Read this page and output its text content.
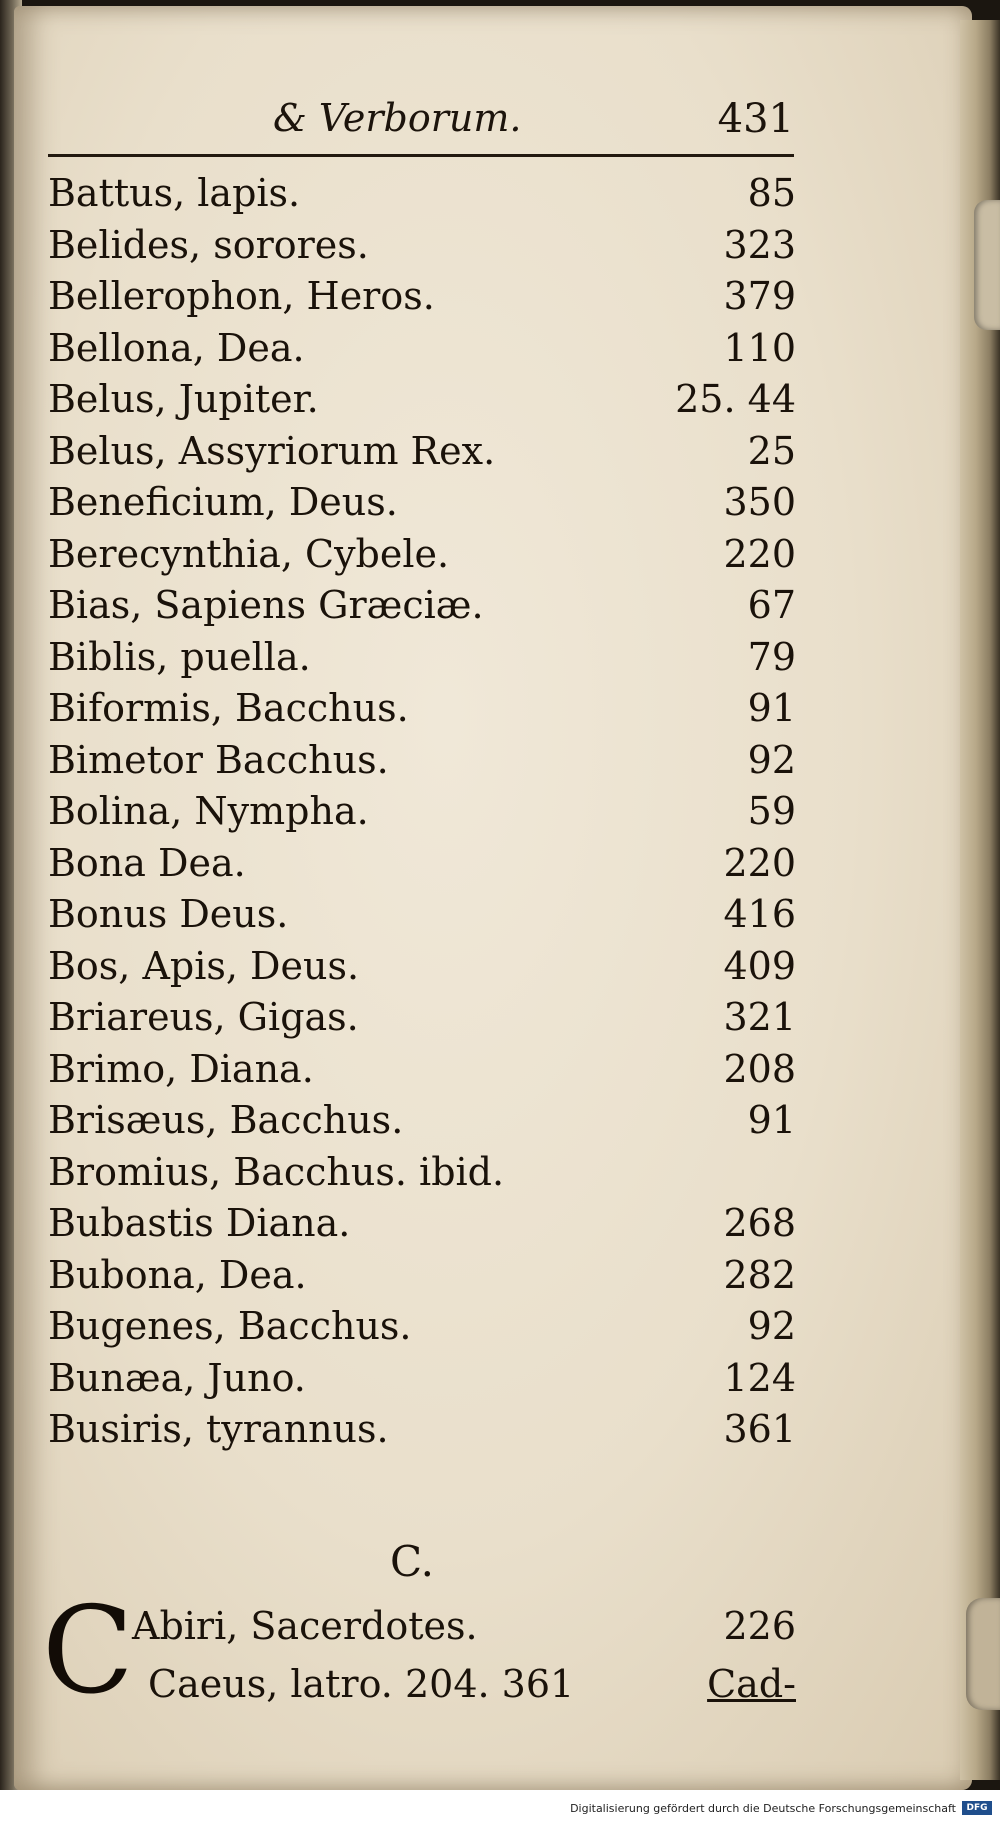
& Verborum.	431
Battus, lapis.	85
Belides, sorores.	323
Bellerophon, Heros.	379
Bellona, Dea.	110
Belus, Jupiter.	25. 44
Belus, Assyriorum Rex.	25
Beneficium, Deus.	350
Berecynthia, Cybele.	220
Bias, Sapiens Græciæ.	67
Biblis, puella.	79
Biformis, Bacchus.	91
Bimetor Bacchus.	92
Bolina, Nympha.	59
Bona Dea.	220
Bonus Deus.	416
Bos, Apis, Deus.	409
Briareus, Gigas.	321
Brimo, Diana.	208
Brisæus, Bacchus.	91
Bromius, Bacchus. ibid.
Bubastis Diana.	268
Bubona, Dea.	282
Bugenes, Bacchus.	92
Bunæa, Juno.	124
Busiris, tyrannus.	361
C.
C
Abiri, Sacerdotes.	226
Caeus, latro. 204. 361	Cad-
Digitalisierung gefördert durch die Deutsche Forschungsgemeinschaft	DFG
